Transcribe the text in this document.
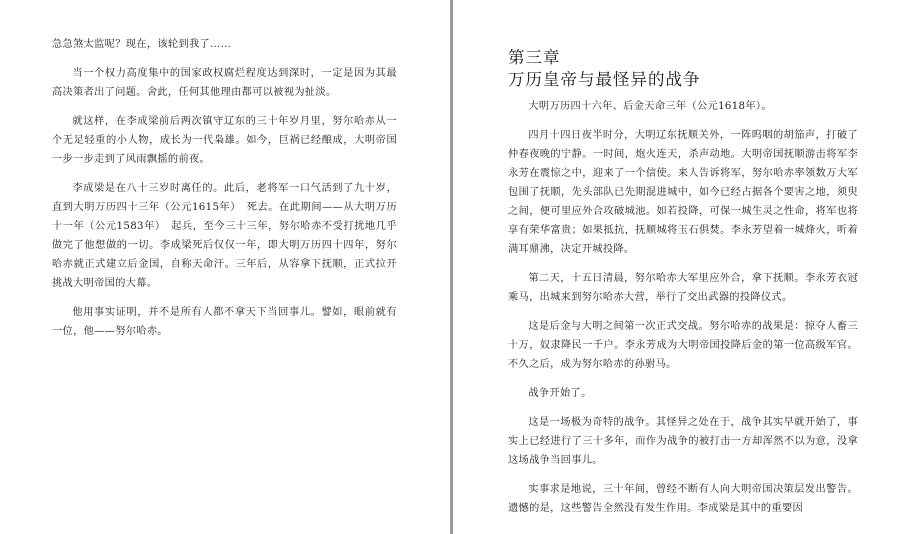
急急煞太监呢？现在，该轮到我了……

当一个权力高度集中的国家政权腐烂程度达到深时，一定是因为其最高决策者出了问题。舍此，任何其他理由都可以被视为扯淡。

就这样，在李成梁前后两次镇守辽东的三十年岁月里，努尔哈赤从一个无足轻重的小人物，成长为一代枭雄。如今，巨祸已经酿成，大明帝国一步一步走到了风雨飘摇的前夜。

李成梁是在八十三岁时离任的。此后，老将军一口气活到了九十岁，直到大明万历四十三年（公元1615年）　死去。在此期间——从大明万历十一年（公元1583年）　起兵，至今三十三年，努尔哈赤不受打扰地几乎做完了他想做的一切。李成梁死后仅仅一年，即大明万历四十四年，努尔哈赤就正式建立后金国，自称天命汗。三年后，从容拿下抚顺，正式拉开挑战大明帝国的大幕。

他用事实证明，并不是所有人都不拿天下当回事儿。譬如，眼前就有一位，他——努尔哈赤。

第三章
万历皇帝与最怪异的战争

大明万历四十六年、后金天命三年（公元1618年）。

四月十四日夜半时分，大明辽东抚顺关外，一阵呜咽的胡笳声，打破了仲春夜晚的宁静。一时间，炮火连天，杀声动地。大明帝国抚顺游击将军李永芳在震惊之中，迎来了一个信使。来人告诉将军，努尔哈赤率领数万大军包围了抚顺，先头部队已先期混进城中，如今已经占据各个要害之地，须臾之间，便可里应外合攻破城池。如若投降，可保一城生灵之性命，将军也将享有荣华富贵；如果抵抗，抚顺城将玉石俱焚。李永芳望着一城烽火，听着满耳鼎沸，决定开城投降。

第二天，十五日清晨，努尔哈赤大军里应外合，拿下抚顺。李永芳衣冠乘马，出城来到努尔哈赤大营，举行了交出武器的投降仪式。

这是后金与大明之间第一次正式交战。努尔哈赤的战果是：掠夺人畜三十万，奴隶降民一千户。李永芳成为大明帝国投降后金的第一位高级军官。不久之后，成为努尔哈赤的孙驸马。

战争开始了。

这是一场极为奇特的战争。其怪异之处在于，战争其实早就开始了，事实上已经进行了三十多年，而作为战争的被打击一方却浑然不以为意，没拿这场战争当回事儿。

实事求是地说，三十年间，曾经不断有人向大明帝国决策层发出警告。遗憾的是，这些警告全然没有发生作用。李成梁是其中的重要因
